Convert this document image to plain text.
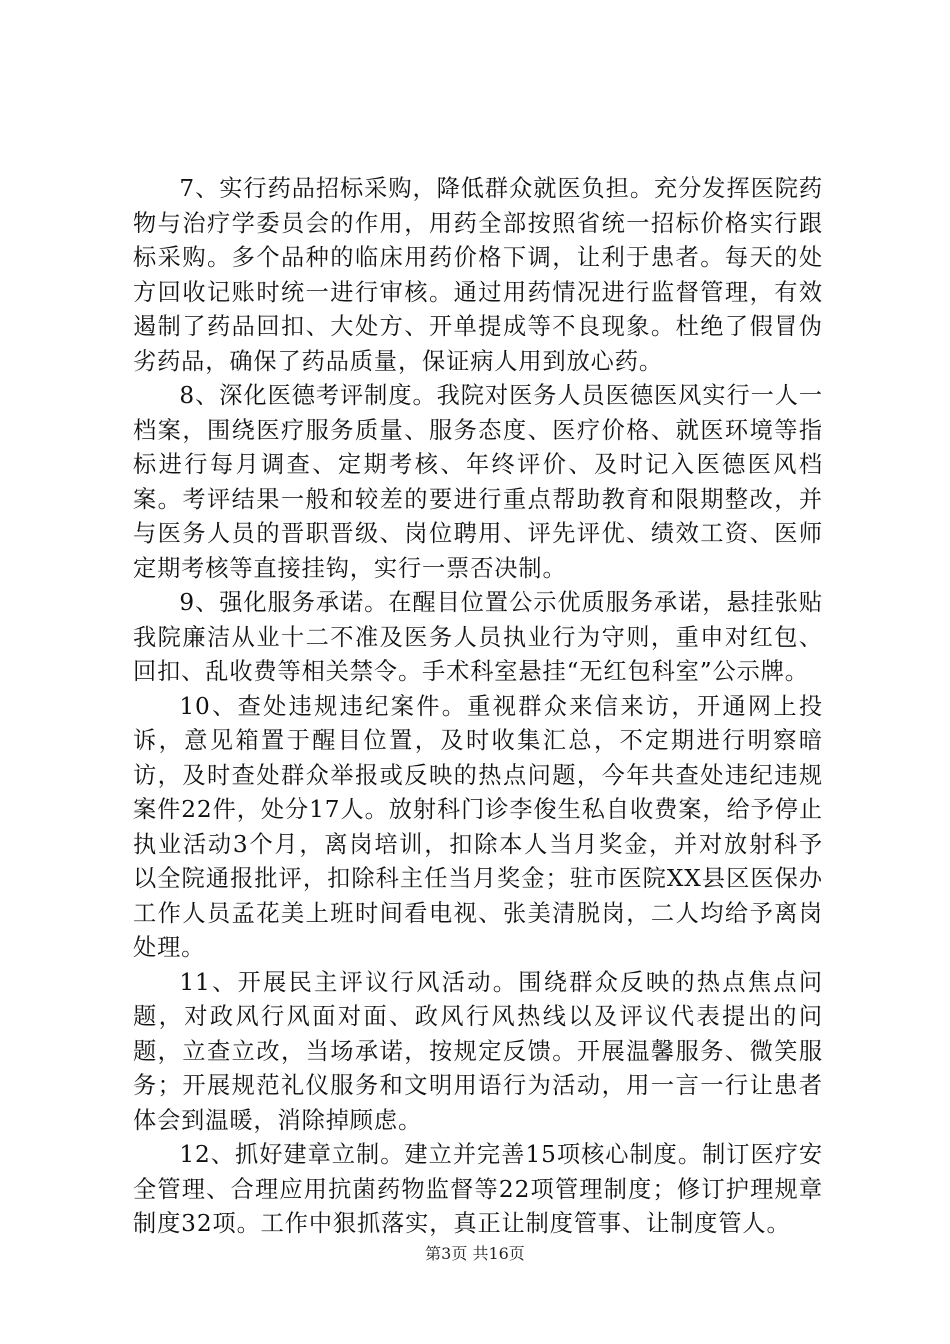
7、实行药品招标采购，降低群众就医负担。充分发挥医院药物与治疗学委员会的作用，用药全部按照省统一招标价格实行跟标采购。多个品种的临床用药价格下调，让利于患者。每天的处方回收记账时统一进行审核。通过用药情况进行监督管理，有效遏制了药品回扣、大处方、开单提成等不良现象。杜绝了假冒伪劣药品，确保了药品质量，保证病人用到放心药。

8、深化医德考评制度。我院对医务人员医德医风实行一人一档案，围绕医疗服务质量、服务态度、医疗价格、就医环境等指标进行每月调查、定期考核、年终评价、及时记入医德医风档案。考评结果一般和较差的要进行重点帮助教育和限期整改，并与医务人员的晋职晋级、岗位聘用、评先评优、绩效工资、医师定期考核等直接挂钩，实行一票否决制。

9、强化服务承诺。在醒目位置公示优质服务承诺，悬挂张贴我院廉洁从业十二不准及医务人员执业行为守则，重申对红包、回扣、乱收费等相关禁令。手术科室悬挂“无红包科室”公示牌。

10、查处违规违纪案件。重视群众来信来访，开通网上投诉，意见箱置于醒目位置，及时收集汇总，不定期进行明察暗访，及时查处群众举报或反映的热点问题，今年共查处违纪违规案件22件，处分17人。放射科门诊李俊生私自收费案，给予停止执业活动3个月，离岗培训，扣除本人当月奖金，并对放射科予以全院通报批评，扣除科主任当月奖金；驻市医院XX县区医保办工作人员孟花美上班时间看电视、张美清脱岗，二人均给予离岗处理。

11、开展民主评议行风活动。围绕群众反映的热点焦点问题，对政风行风面对面、政风行风热线以及评议代表提出的问题，立查立改，当场承诺，按规定反馈。开展温馨服务、微笑服务；开展规范礼仪服务和文明用语行为活动，用一言一行让患者体会到温暖，消除掉顾虑。

12、抓好建章立制。建立并完善15项核心制度。制订医疗安全管理、合理应用抗菌药物监督等22项管理制度；修订护理规章制度32项。工作中狠抓落实，真正让制度管事、让制度管人。

第3页 共16页
